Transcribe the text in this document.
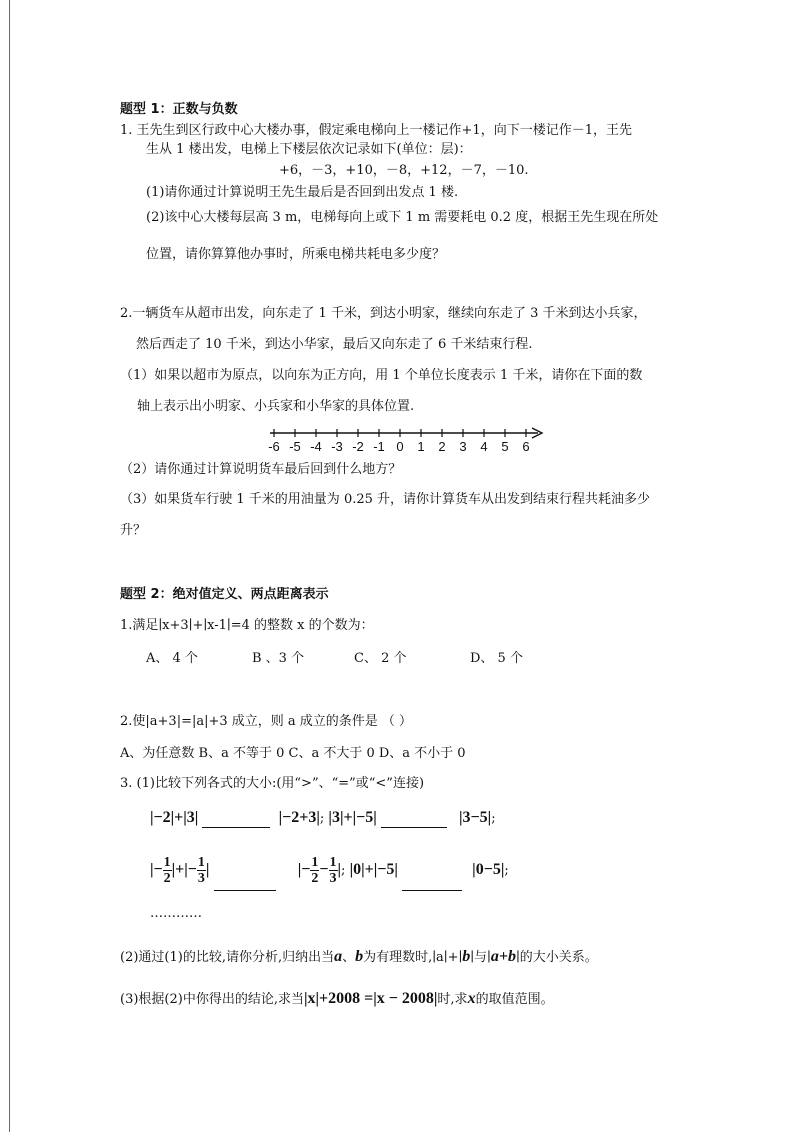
题型 1：正数与负数
1. 王先生到区行政中心大楼办事，假定乘电梯向上一楼记作+1，向下一楼记作－1，王先
生从 1 楼出发，电梯上下楼层依次记录如下(单位：层)：
+6，－3，+10，－8，+12，－7，－10.
(1)请你通过计算说明王先生最后是否回到出发点 1 楼.
(2)该中心大楼每层高 3 m，电梯每向上或下 1 m 需要耗电 0.2 度，根据王先生现在所处
位置，请你算算他办事时，所乘电梯共耗电多少度？
2.一辆货车从超市出发，向东走了 1 千米，到达小明家，继续向东走了 3 千米到达小兵家，
然后西走了 10 千米，到达小华家，最后又向东走了 6 千米结束行程.
（1）如果以超市为原点，以向东为正方向，用 1 个单位长度表示 1 千米，请你在下面的数
轴上表示出小明家、小兵家和小华家的具体位置.
-6 -5 -4 -3 -2 -1 0 1 2 3 4 5 6
（2）请你通过计算说明货车最后回到什么地方？
（3）如果货车行驶 1 千米的用油量为 0.25 升，请你计算货车从出发到结束行程共耗油多少
升？
题型 2：绝对值定义、两点距离表示
1.满足∣x+3∣+∣x-1∣=4 的整数 x 的个数为：
A、 4 个	B 、3 个	C、 2 个	D、 5 个
2.使|a+3|=|a|+3 成立，则 a 成立的条件是 （ ）
A、为任意数 B、a 不等于 0 C、a 不大于 0 D、a 不小于 0
3. (1)比较下列各式的大小:(用“>”、“=”或“<”连接)
|−2|+|3|	|−2+3|; |3|+|−5|	|3−5|;
|− $\frac{1}{2}$ |+|− $\frac{1}{3}$ |	|− $\frac{1}{2} - \frac{1}{3}$ |; |0|+|−5|	|0−5|;
…………
(2)通过(1)的比较,请你分析,归纳出当a、b为有理数时,∣a∣+∣b∣与∣a+b∣的大小关系。
(3)根据(2)中你得出的结论,求当|x|+2008 =|x − 2008|时,求x的取值范围。
